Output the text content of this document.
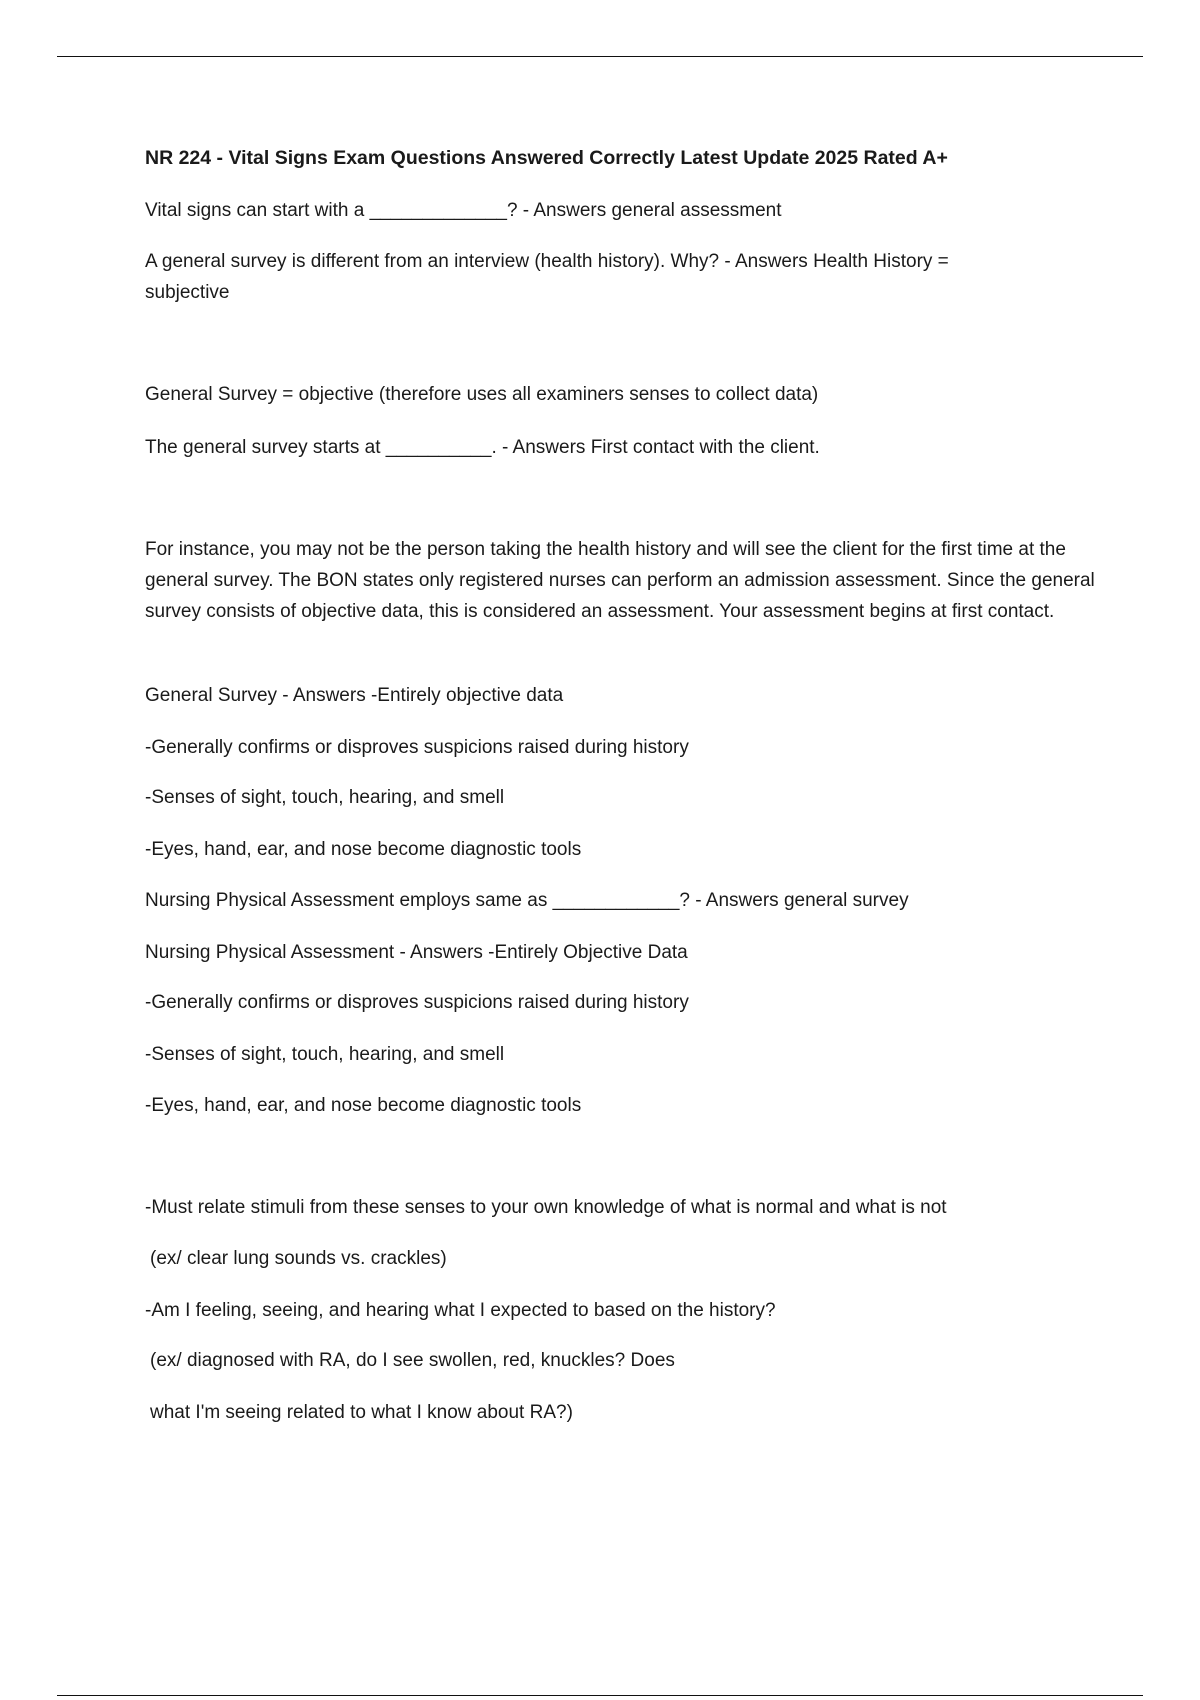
NR 224 - Vital Signs Exam Questions Answered Correctly Latest Update 2025 Rated A+
Vital signs can start with a _____________? - Answers general assessment
A general survey is different from an interview (health history). Why? - Answers Health History = subjective
General Survey = objective (therefore uses all examiners senses to collect data)
The general survey starts at __________. - Answers First contact with the client.
For instance, you may not be the person taking the health history and will see the client for the first time at the general survey. The BON states only registered nurses can perform an admission assessment. Since the general survey consists of objective data, this is considered an assessment. Your assessment begins at first contact.
General Survey - Answers -Entirely objective data
-Generally confirms or disproves suspicions raised during history
-Senses of sight, touch, hearing, and smell
-Eyes, hand, ear, and nose become diagnostic tools
Nursing Physical Assessment employs same as ____________? - Answers general survey
Nursing Physical Assessment - Answers -Entirely Objective Data
-Generally confirms or disproves suspicions raised during history
-Senses of sight, touch, hearing, and smell
-Eyes, hand, ear, and nose become diagnostic tools
-Must relate stimuli from these senses to your own knowledge of what is normal and what is not
(ex/ clear lung sounds vs. crackles)
-Am I feeling, seeing, and hearing what I expected to based on the history?
(ex/ diagnosed with RA, do I see swollen, red, knuckles? Does
what I'm seeing related to what I know about RA?)
